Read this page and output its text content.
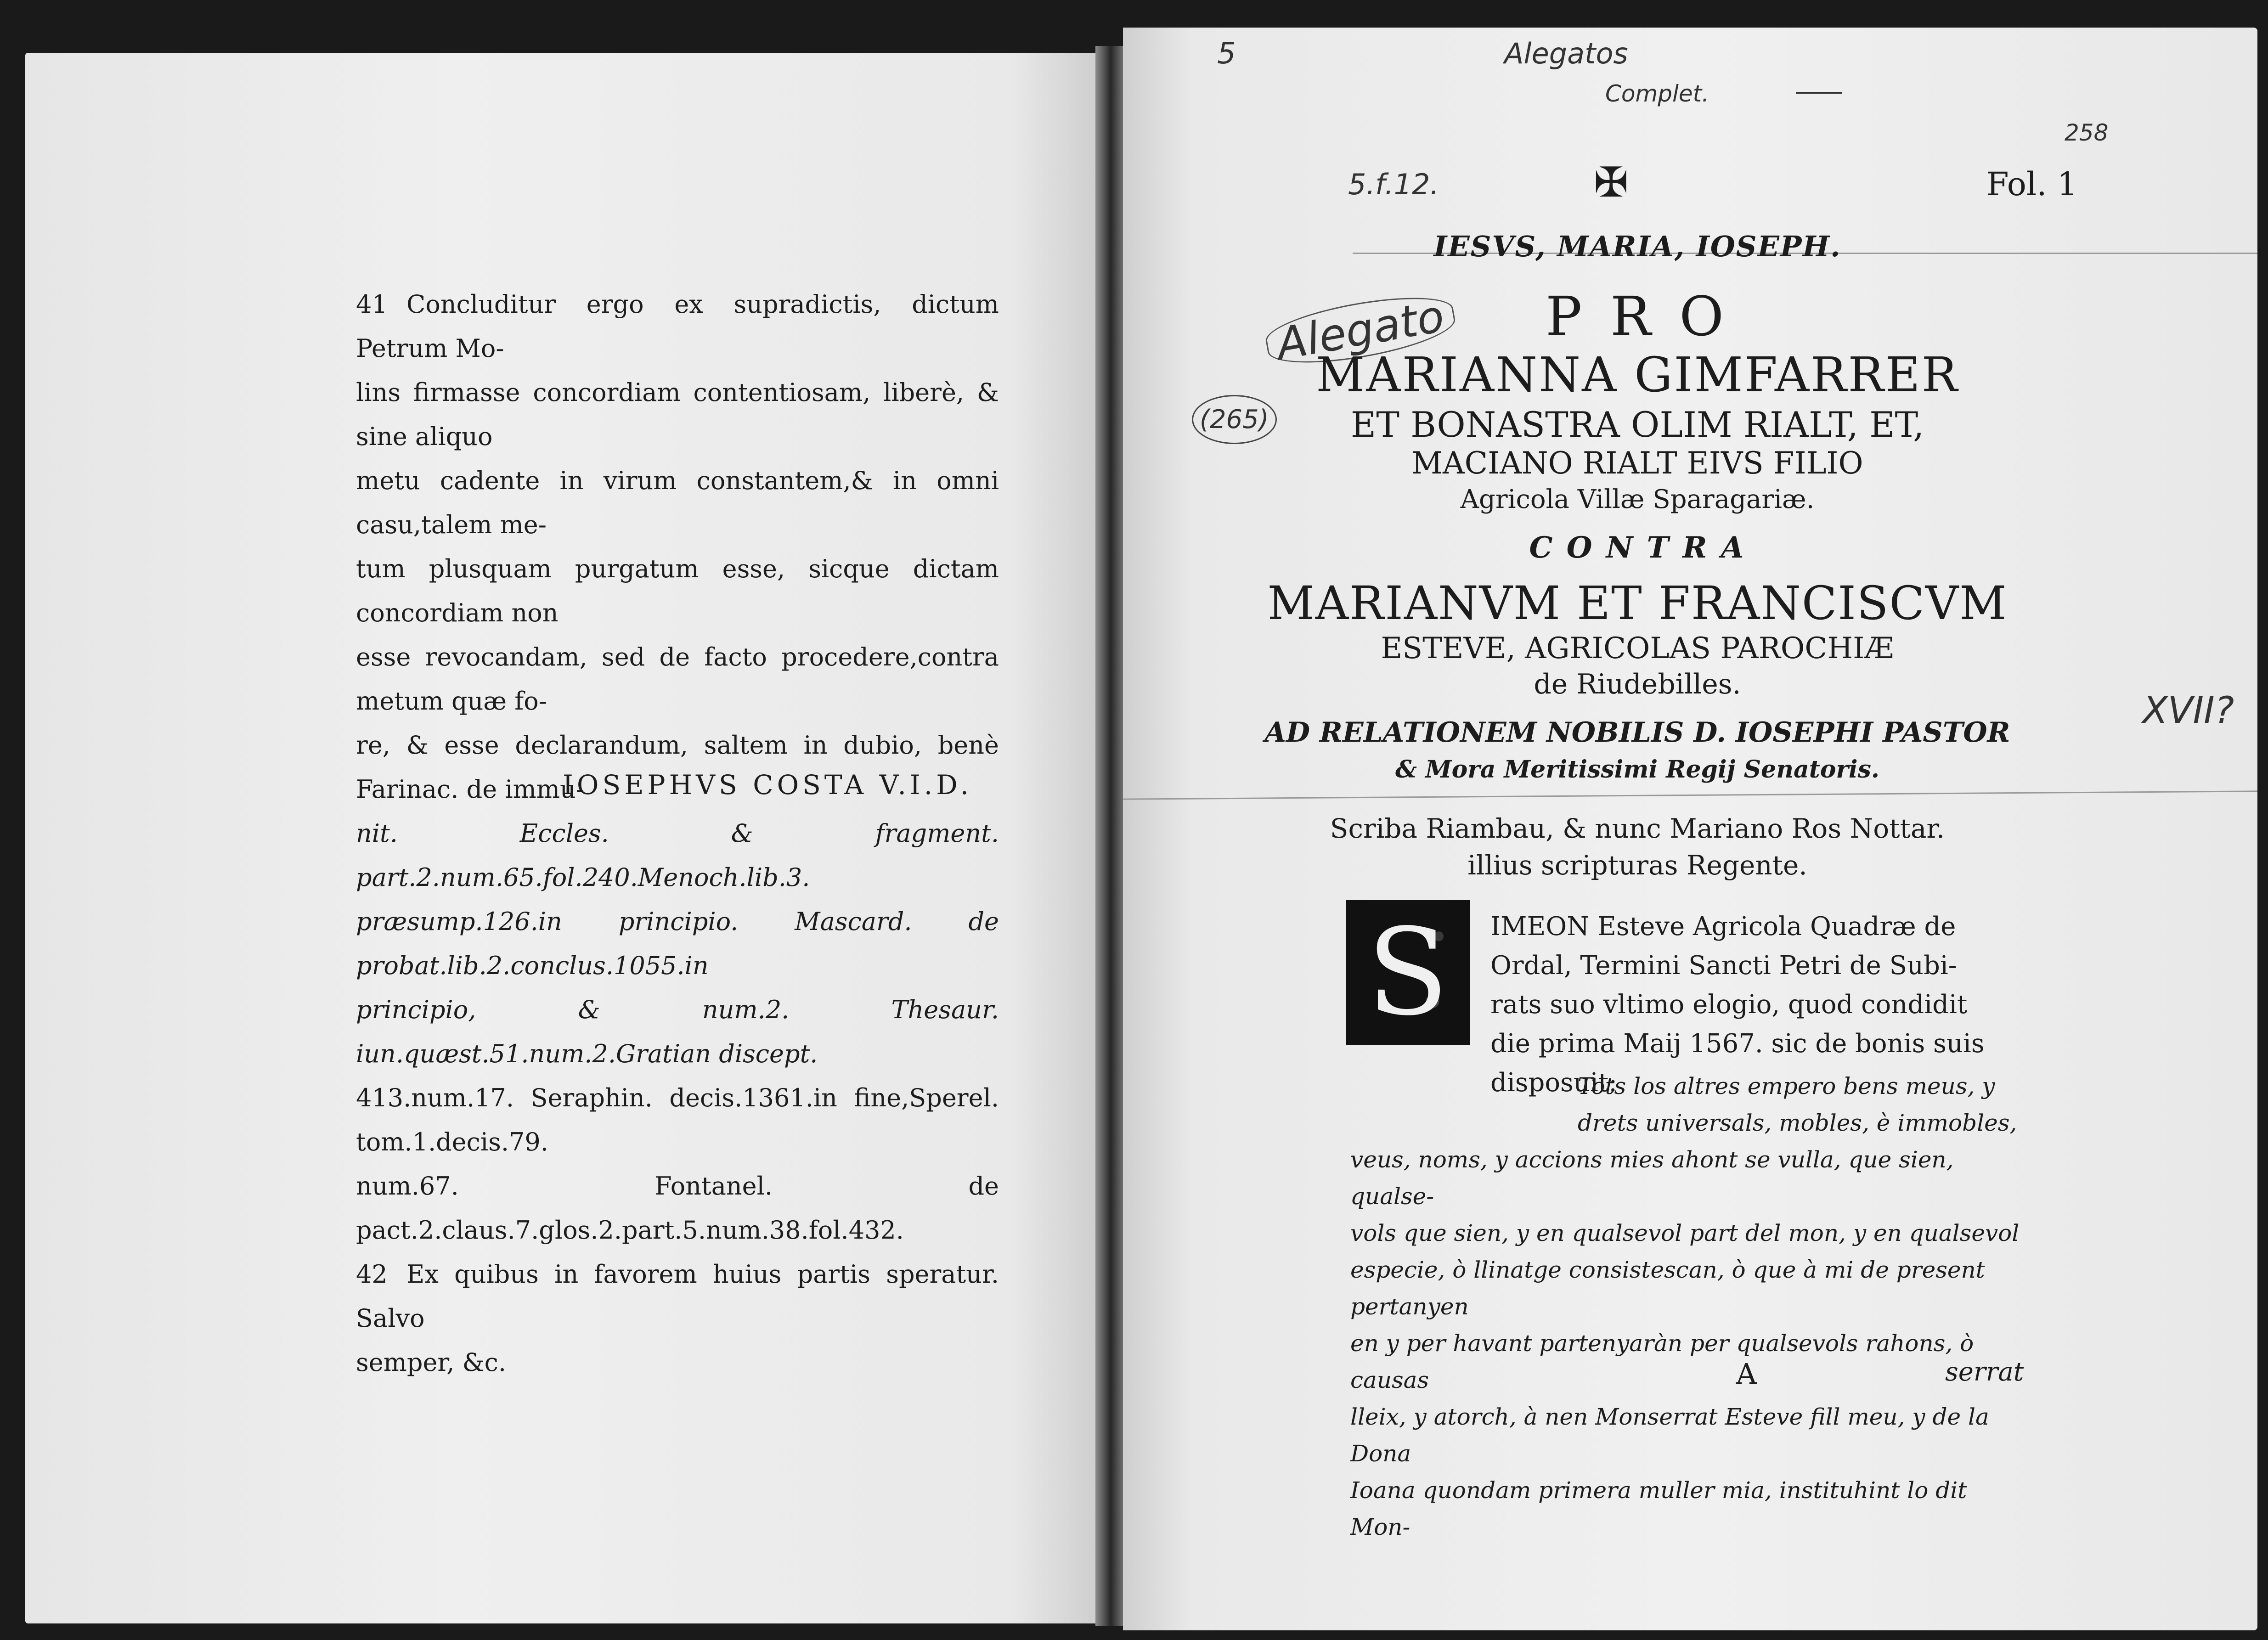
41 Concluditur ergo ex supradictis, dictum Petrum Mo-
lins firmasse concordiam contentiosam, liberè, & sine aliquo
metu cadente in virum constantem,& in omni casu,talem me-
tum plusquam purgatum esse, sicque dictam concordiam non
esse revocandam, sed de facto procedere,contra metum quæ fo-
re, & esse declarandum, saltem in dubio, benè Farinac. de immu-
nit. Eccles. & fragment. part.2.num.65.fol.240.Menoch.lib.3.
præsump.126.in principio. Mascard. de probat.lib.2.conclus.1055.in
principio, & num.2. Thesaur. iun.quæst.51.num.2.Gratian discept.
413.num.17. Seraphin. decis.1361.in fine,Sperel. tom.1.decis.79.
num.67. Fontanel. de pact.2.claus.7.glos.2.part.5.num.38.fol.432.

42 Ex quibus in favorem huius partis speratur. Salvo
semper, &c.

IOSEPHVS COSTA V.I.D.
5	Alegatos
Complet.
258
5.f.12.	✠	Fol. 1
IESVS, MARIA, IOSEPH.
Alegato
(265)
P R O
MARIANNA GIMFARRER
ET BONASTRA OLIM RIALT, ET,
MACIANO RIALT EIVS FILIO
Agricola Villæ Sparagariæ.
C O N T R A
MARIANVM ET FRANCISCVM
ESTEVE, AGRICOLAS PAROCHIÆ
de Riudebilles.
AD RELATIONEM NOBILIS D. IOSEPHI PASTOR
& Mora Meritissimi Regij Senatoris.
XVII?
Scriba Riambau, & nunc Mariano Ros Nottar.
illius scripturas Regente.
IMEON Esteve Agricola Quadræ de
Ordal, Termini Sancti Petri de Subi-
rats suo vltimo elogio, quod condidit
die prima Maij 1567. sic de bonis suis
disposuit:
Tots los altres empero bens meus, y
drets universals, mobles, è immobles,
veus, noms, y accions mies ahont se vulla, que sien, qualse-
vols que sien, y en qualsevol part del mon, y en qualsevol
especie, ò llinatge consistescan, ò que à mi de present pertanyen
en y per havant partenyaràn per qualsevols rahons, ò causas
lleix, y atorch, à nen Monserrat Esteve fill meu, y de la Dona
Ioana quondam primera muller mia, instituhint lo dit Mon-
A	serrat
S
